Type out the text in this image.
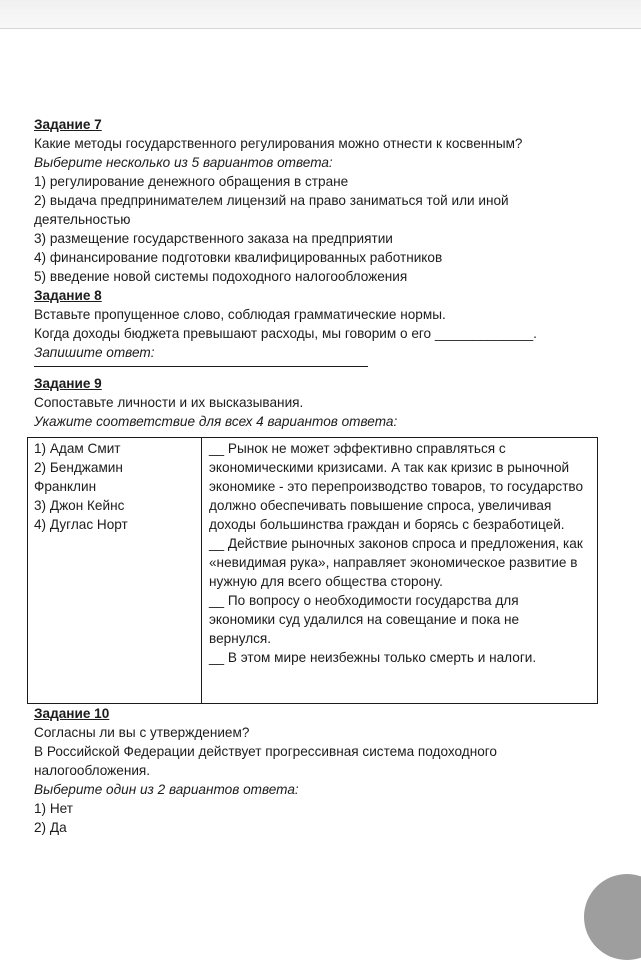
Задание 7
Какие методы государственного регулирования можно отнести к косвенным?
Выберите несколько из 5 вариантов ответа:
1) регулирование денежного обращения в стране
2) выдача предпринимателем лицензий на право заниматься той или иной деятельностью
3) размещение государственного заказа на предприятии
4) финансирование подготовки квалифицированных работников
5) введение новой системы подоходного налогообложения
Задание 8
Вставьте пропущенное слово, соблюдая грамматические нормы.
Когда доходы бюджета превышают расходы, мы говорим о его _____________.
Запишите ответ:
Задание 9
Сопоставьте личности и их высказывания.
Укажите соответствие для всех 4 вариантов ответа:
1) Адам Смит
2) Бенджамин Франклин
3) Джон Кейнс
4) Дуглас Норт
__ Рынок не может эффективно справляться с экономическими кризисами. А так как кризис в рыночной экономике - это перепроизводство товаров, то государство должно обеспечивать повышение спроса, увеличивая доходы большинства граждан и борясь с безработицей.
__ Действие рыночных законов спроса и предложения, как «невидимая рука», направляет экономическое развитие в нужную для всего общества сторону.
__ По вопросу о необходимости государства для экономики суд удалился на совещание и пока не вернулся.
__ В этом мире неизбежны только смерть и налоги.
Задание 10
Согласны ли вы с утверждением?
В Российской Федерации действует прогрессивная система подоходного налогообложения.
Выберите один из 2 вариантов ответа:
1) Нет
2) Да
